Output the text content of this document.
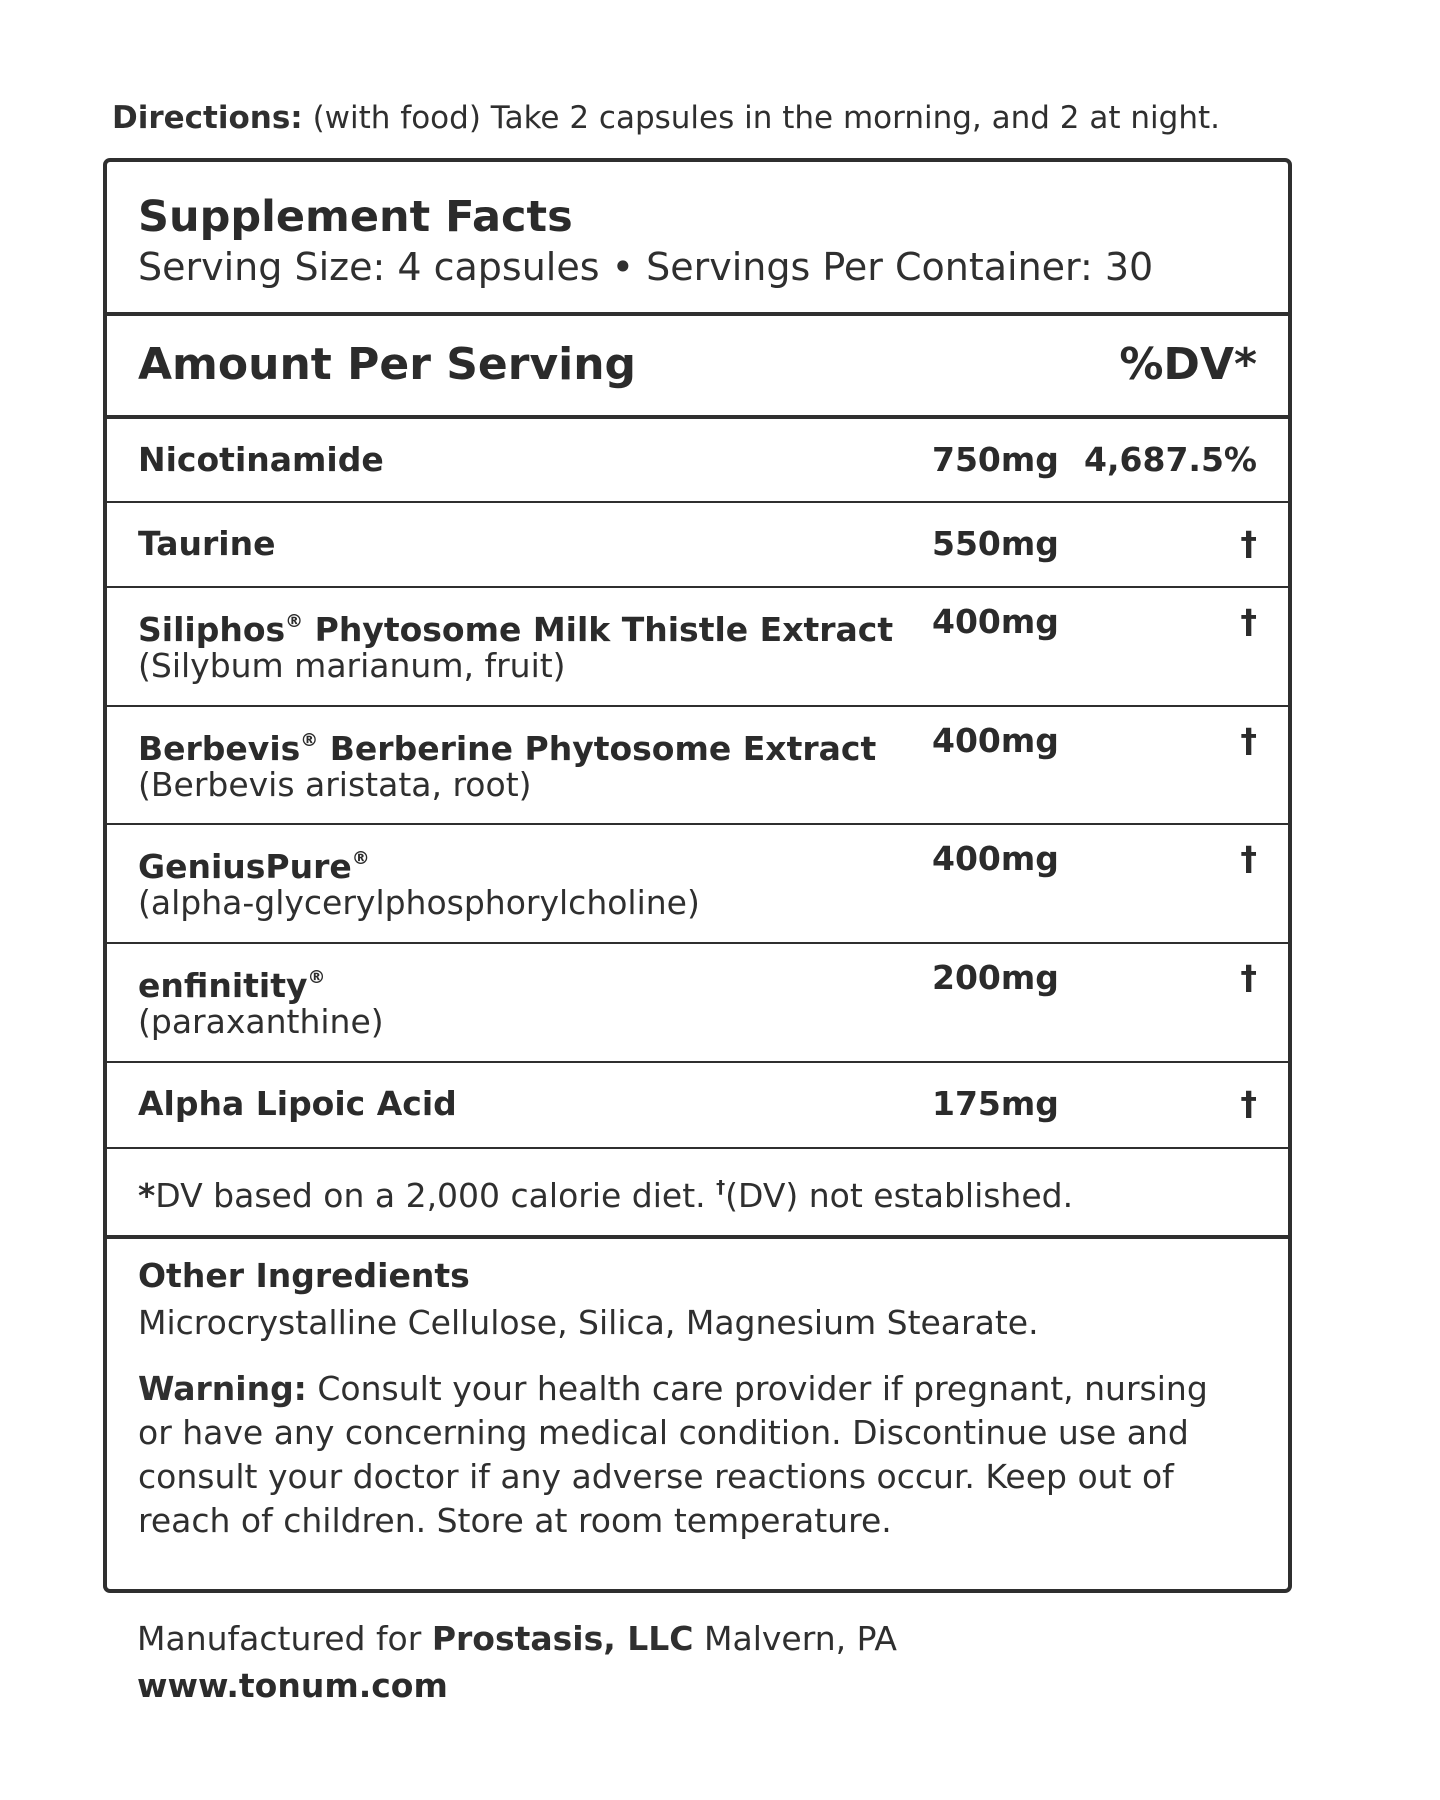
Directions: (with food) Take 2 capsules in the morning, and 2 at night.
Supplement Facts
Serving Size: 4 capsules • Servings Per Container: 30
Amount Per Serving	%DV*
Nicotinamide	750mg 4,687.5%
Taurine	550mg	†
Siliphos® Phytosome Milk Thistle Extract
(Silybum marianum, fruit)
400mg	†
Berbevis® Berberine Phytosome Extract
(Berbevis aristata, root)
400mg	†
GeniusPure®
(alpha-glycerylphosphorylcholine)
400mg	†
enfinitity®
(paraxanthine)
200mg	†
Alpha Lipoic Acid	175mg	†
*DV based on a 2,000 calorie diet. †(DV) not established.
Other Ingredients
Microcrystalline Cellulose, Silica, Magnesium Stearate.
Warning: Consult your health care provider if pregnant, nursing or have any concerning medical condition. Discontinue use and consult your doctor if any adverse reactions occur. Keep out of reach of children. Store at room temperature.
Manufactured for Prostasis, LLC Malvern, PA
www.tonum.com
